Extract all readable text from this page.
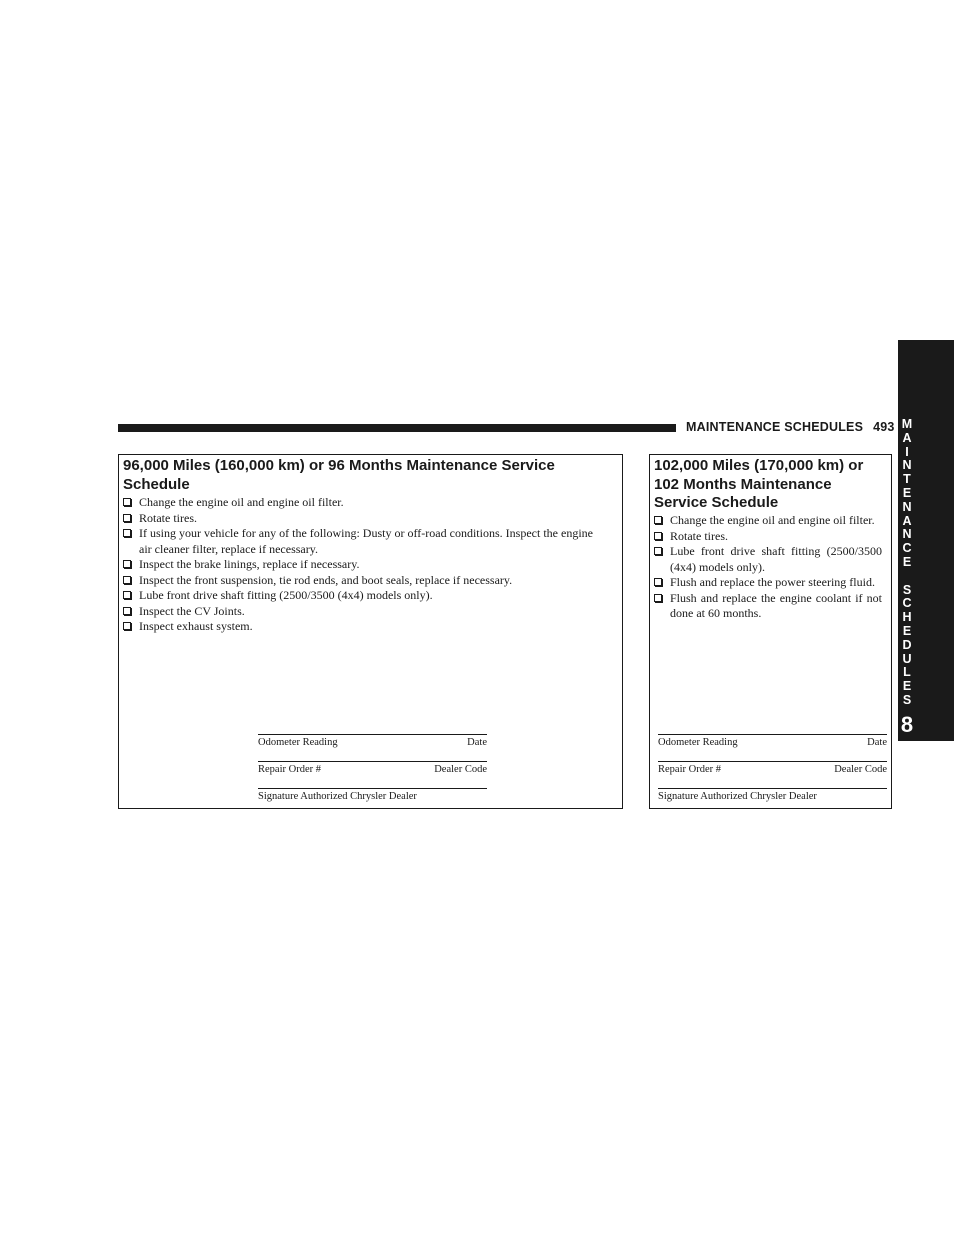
MAINTENANCE SCHEDULES 493 M
A
I
N
T
E
N
A
N
C
E
S
C
H
E
D
U
L
E
S
8
96,000 Miles (160,000 km) or 96 Months Maintenance Service Schedule
Change the engine oil and engine oil filter.
Rotate tires.
If using your vehicle for any of the following: Dusty or off-road conditions. Inspect the engine air cleaner filter, replace if necessary.
Inspect the brake linings, replace if necessary.
Inspect the front suspension, tie rod ends, and boot seals, replace if necessary.
Lube front drive shaft fitting (2500/3500 (4x4) models only).
Inspect the CV Joints.
Inspect exhaust system.
Odometer Reading	Date
Repair Order #	Dealer Code
Signature Authorized Chrysler Dealer
102,000 Miles (170,000 km) or 102 Months Maintenance Service Schedule
Change the engine oil and engine oil filter.
Rotate tires.
Lube front drive shaft fitting (2500/3500 (4x4) models only).
Flush and replace the power steering fluid.
Flush and replace the engine coolant if not done at 60 months.
Odometer Reading	Date
Repair Order #	Dealer Code
Signature Authorized Chrysler Dealer
